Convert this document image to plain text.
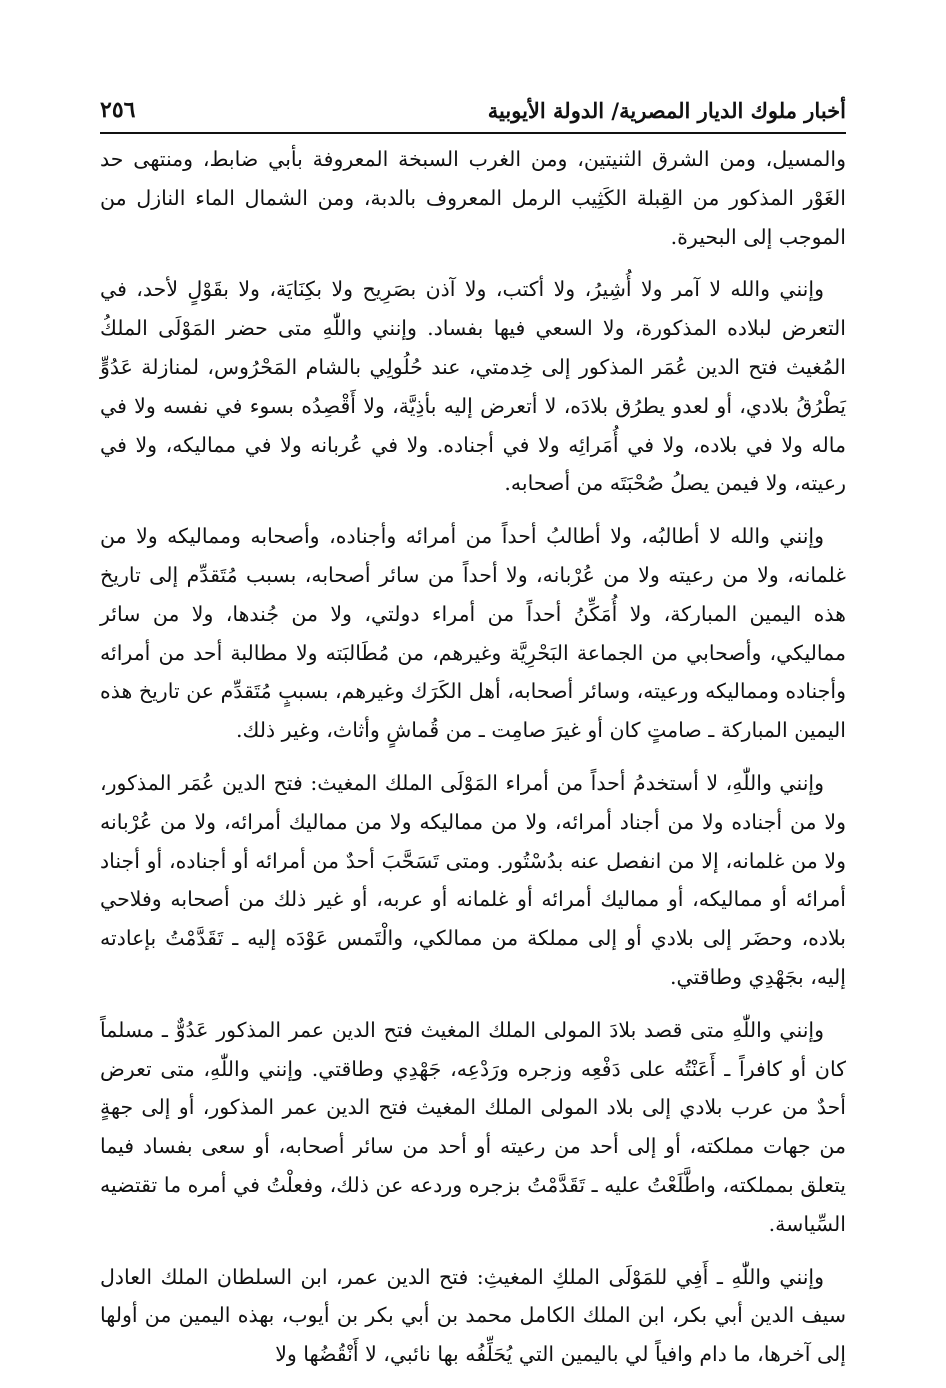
أخبار ملوك الديار المصرية/ الدولة الأيوبية
٢٥٦

والمسيل، ومن الشرق الثنيتين، ومن الغرب السبخة المعروفة بأبي ضابط، ومنتهى حد الغَوْر المذكور من القِبلة الكَثِيب الرمل المعروف بالدبة، ومن الشمال الماء النازل من الموجب إلى البحيرة.

وإنني والله لا آمر ولا أُشِيرُ، ولا أكتب، ولا آذن بصَرِيح ولا بكِنَايَة، ولا بقَوْلٍ لأحد، في التعرض لبلاده المذكورة، ولا السعي فيها بفساد. وإنني واللّٰهِ متى حضر المَوْلَى الملكُ المُغيث فتح الدين عُمَر المذكور إلى خِدمتي، عند حُلُولِي بالشام المَحْرُوس، لمنازلة عَدُوٍّ يَطْرُقُ بلادي، أو لعدو يطرُق بلادَه، لا أتعرض إليه بأذِيَّة، ولا أَقْصِدُه بسوء في نفسه ولا في ماله ولا في بلاده، ولا في أُمَرائِه ولا في أجناده. ولا في عُربانه ولا في مماليكه، ولا في رعيته، ولا فيمن يصلُ صُحْبَتَه من أصحابه.

وإنني والله لا أطالبُه، ولا أطالبُ أحداً من أمرائه وأجناده، وأصحابه ومماليكه ولا من غلمانه، ولا من رعيته ولا من عُرْبانه، ولا أحداً من سائر أصحابه، بسبب مُتَقدِّم إلى تاريخ هذه اليمين المباركة، ولا أُمَكِّنُ أحداً من أمراء دولتي، ولا من جُندها، ولا من سائر مماليكي، وأصحابي من الجماعة البَحْرِيَّة وغيرهم، من مُطَالبَته ولا مطالبة أحد من أمرائه وأجناده ومماليكه ورعيته، وسائر أصحابه، أهل الكَرَك وغيرهم، بسببٍ مُتَقدِّم عن تاريخ هذه اليمين المباركة ـ صامتٍ كان أو غيرَ صامِت ـ من قُماشٍ وأثاث، وغير ذلك.

وإنني واللّٰهِ، لا أستخدمُ أحداً من أمراء المَوْلَى الملك المغيث: فتح الدين عُمَر المذكور، ولا من أجناده ولا من أجناد أمرائه، ولا من مماليكه ولا من مماليك أمرائه، ولا من عُرْبانه ولا من غلمانه، إلا من انفصل عنه بدُسْتُور. ومتى تَسَحَّبَ أحدٌ من أمرائه أو أجناده، أو أجناد أمرائه أو مماليكه، أو مماليك أمرائه أو غلمانه أو عربه، أو غير ذلك من أصحابه وفلاحي بلاده، وحضَر إلى بلادي أو إلى مملكة من ممالكي، والْتَمس عَوْدَه إليه ـ تَقَدَّمْتُ بإعادته إليه، بجَهْدِي وطاقتي.

وإنني واللّٰهِ متى قصد بلادَ المولى الملك المغيث فتح الدين عمر المذكور عَدُوٌّ ـ مسلماً كان أو كافراً ـ أَعَنْتُه على دَفْعِه وزجره ورَدْعِه، جَهْدِي وطاقتي. وإنني واللّٰهِ، متى تعرض أحدٌ من عرب بلادي إلى بلاد المولى الملك المغيث فتح الدين عمر المذكور، أو إلى جهةٍ من جهات مملكته، أو إلى أحد من رعيته أو أحد من سائر أصحابه، أو سعى بفساد فيما يتعلق بمملكته، واطَّلَعْتُ عليه ـ تَقَدَّمْتُ بزجره وردعه عن ذلك، وفعلْتُ في أمره ما تقتضيه السِّياسة.

وإنني واللّٰهِ ـ أَفِي للمَوْلَى الملكِ المغيثِ: فتح الدين عمر، ابن السلطان الملك العادل سيف الدين أبي بكر، ابن الملك الكامل محمد بن أبي بكر بن أيوب، بهذه اليمين من أولها إلى آخرها، ما دام وافياً لي باليمين التي يُحَلِّفُه بها نائبي، لا أَنْقُضُها ولا
